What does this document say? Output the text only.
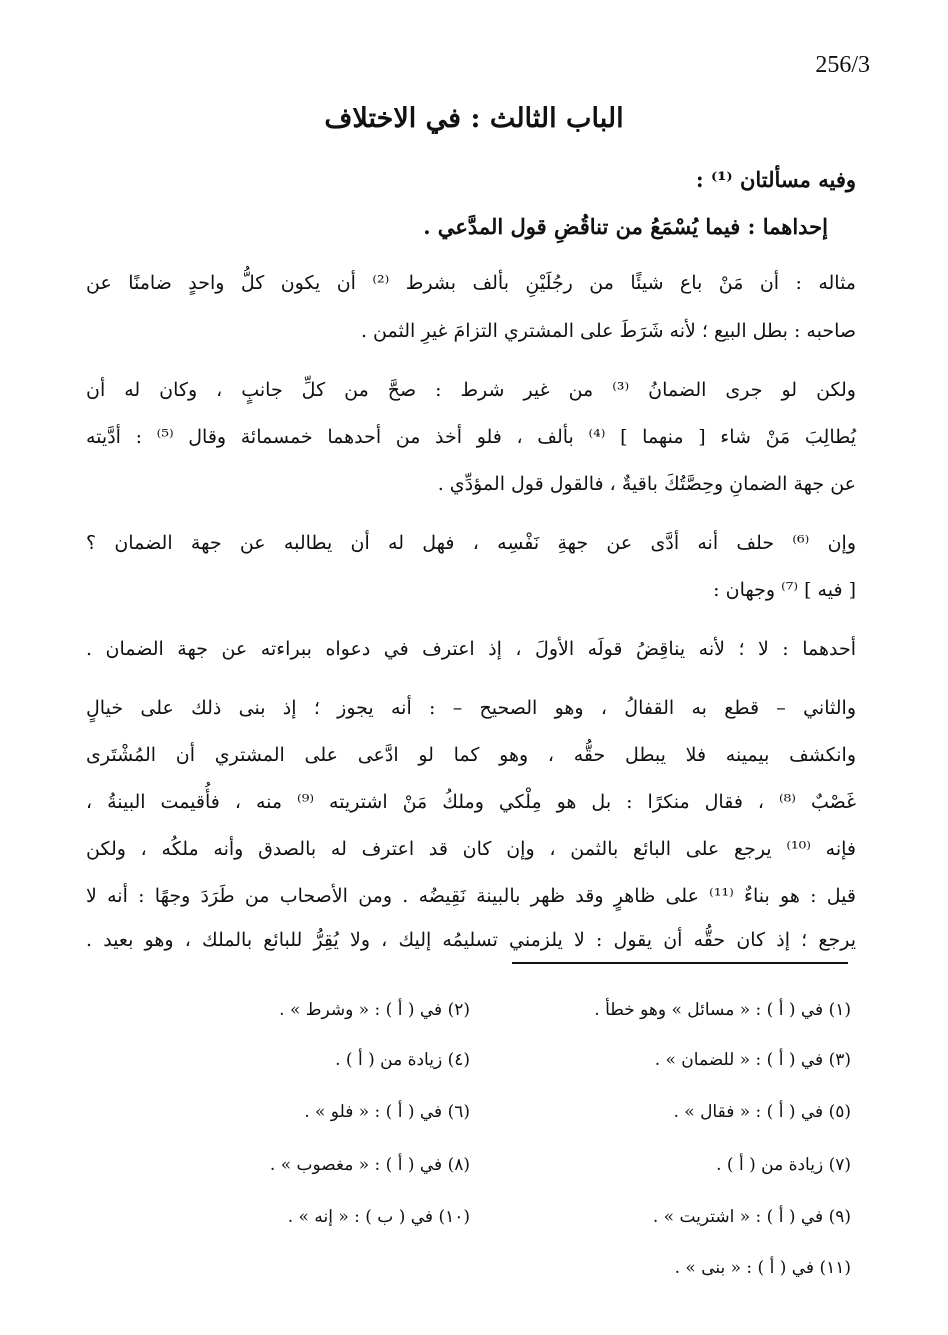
256/3
الباب الثالث : في الاختلاف
وفيه مسألتان ⁽¹⁾ :
إحداهما : فيما يُسْمَعُ من تناقُضِ قول المدَّعي .
مثاله : أن مَنْ باع شيئًا من رجُلَيْنِ بألف بشرط ⁽²⁾ أن يكون كلُّ واحدٍ ضامنًا عن
صاحبه : بطل البيع ؛ لأنه شَرَطَ على المشتري التزامَ غيرِ الثمن .
ولكن لو جرى الضمانُ ⁽³⁾ من غير شرط : صحَّ من كلِّ جانبٍ ، وكان له أن
يُطالِبَ مَنْ شاء [ منهما ] ⁽⁴⁾ بألف ، فلو أخذ من أحدهما خمسمائة وقال ⁽⁵⁾ : أدَّيته
عن جهة الضمانِ وحِصَّتُكَ باقيةٌ ، فالقول قول المؤدِّي .
وإن ⁽⁶⁾ حلف أنه أدَّى عن جهةِ نَفْسِه ، فهل له أن يطالبه عن جهة الضمان ؟
[ فيه ] ⁽⁷⁾ وجهان :
أحدهما : لا ؛ لأنه يناقِضُ قولَه الأولَ ، إذ اعترف في دعواه ببراءته عن جهة الضمان .
والثاني – قطع به القفالُ ، وهو الصحيح – : أنه يجوز ؛ إذ بنى ذلك على خيالٍ
وانكشف بيمينه فلا يبطل حقُّه ، وهو كما لو ادَّعى على المشتري أن المُشْتَرى
غَصْبٌ ⁽⁸⁾ ، فقال منكرًا : بل هو مِلْكي وملكُ مَنْ اشتريته ⁽⁹⁾ منه ، فأُقيمت البينةُ ،
فإنه ⁽¹⁰⁾ يرجع على البائع بالثمن ، وإن كان قد اعترف له بالصدق وأنه ملكُه ، ولكن
قيل : هو بناءٌ ⁽¹¹⁾ على ظاهرٍ وقد ظهر بالبينة نَقِيضُه . ومن الأصحاب من طَرَدَ وجهًا : أنه لا
يرجع ؛ إذ كان حقُّه أن يقول : لا يلزمني تسليمُه إليك ، ولا يُقِرُّ للبائع بالملك ، وهو بعيد .
(١) في ( أ ) : « مسائل » وهو خطأ .
(٢) في ( أ ) : « وشرط » .
(٣) في ( أ ) : « للضمان » .
(٤) زيادة من ( أ ) .
(٥) في ( أ ) : « فقال » .
(٦) في ( أ ) : « فلو » .
(٧) زيادة من ( أ ) .
(٨) في ( أ ) : « مغصوب » .
(٩) في ( أ ) : « اشتريت » .
(١٠) في ( ب ) : « إنه » .
(١١) في ( أ ) : « بنى » .
